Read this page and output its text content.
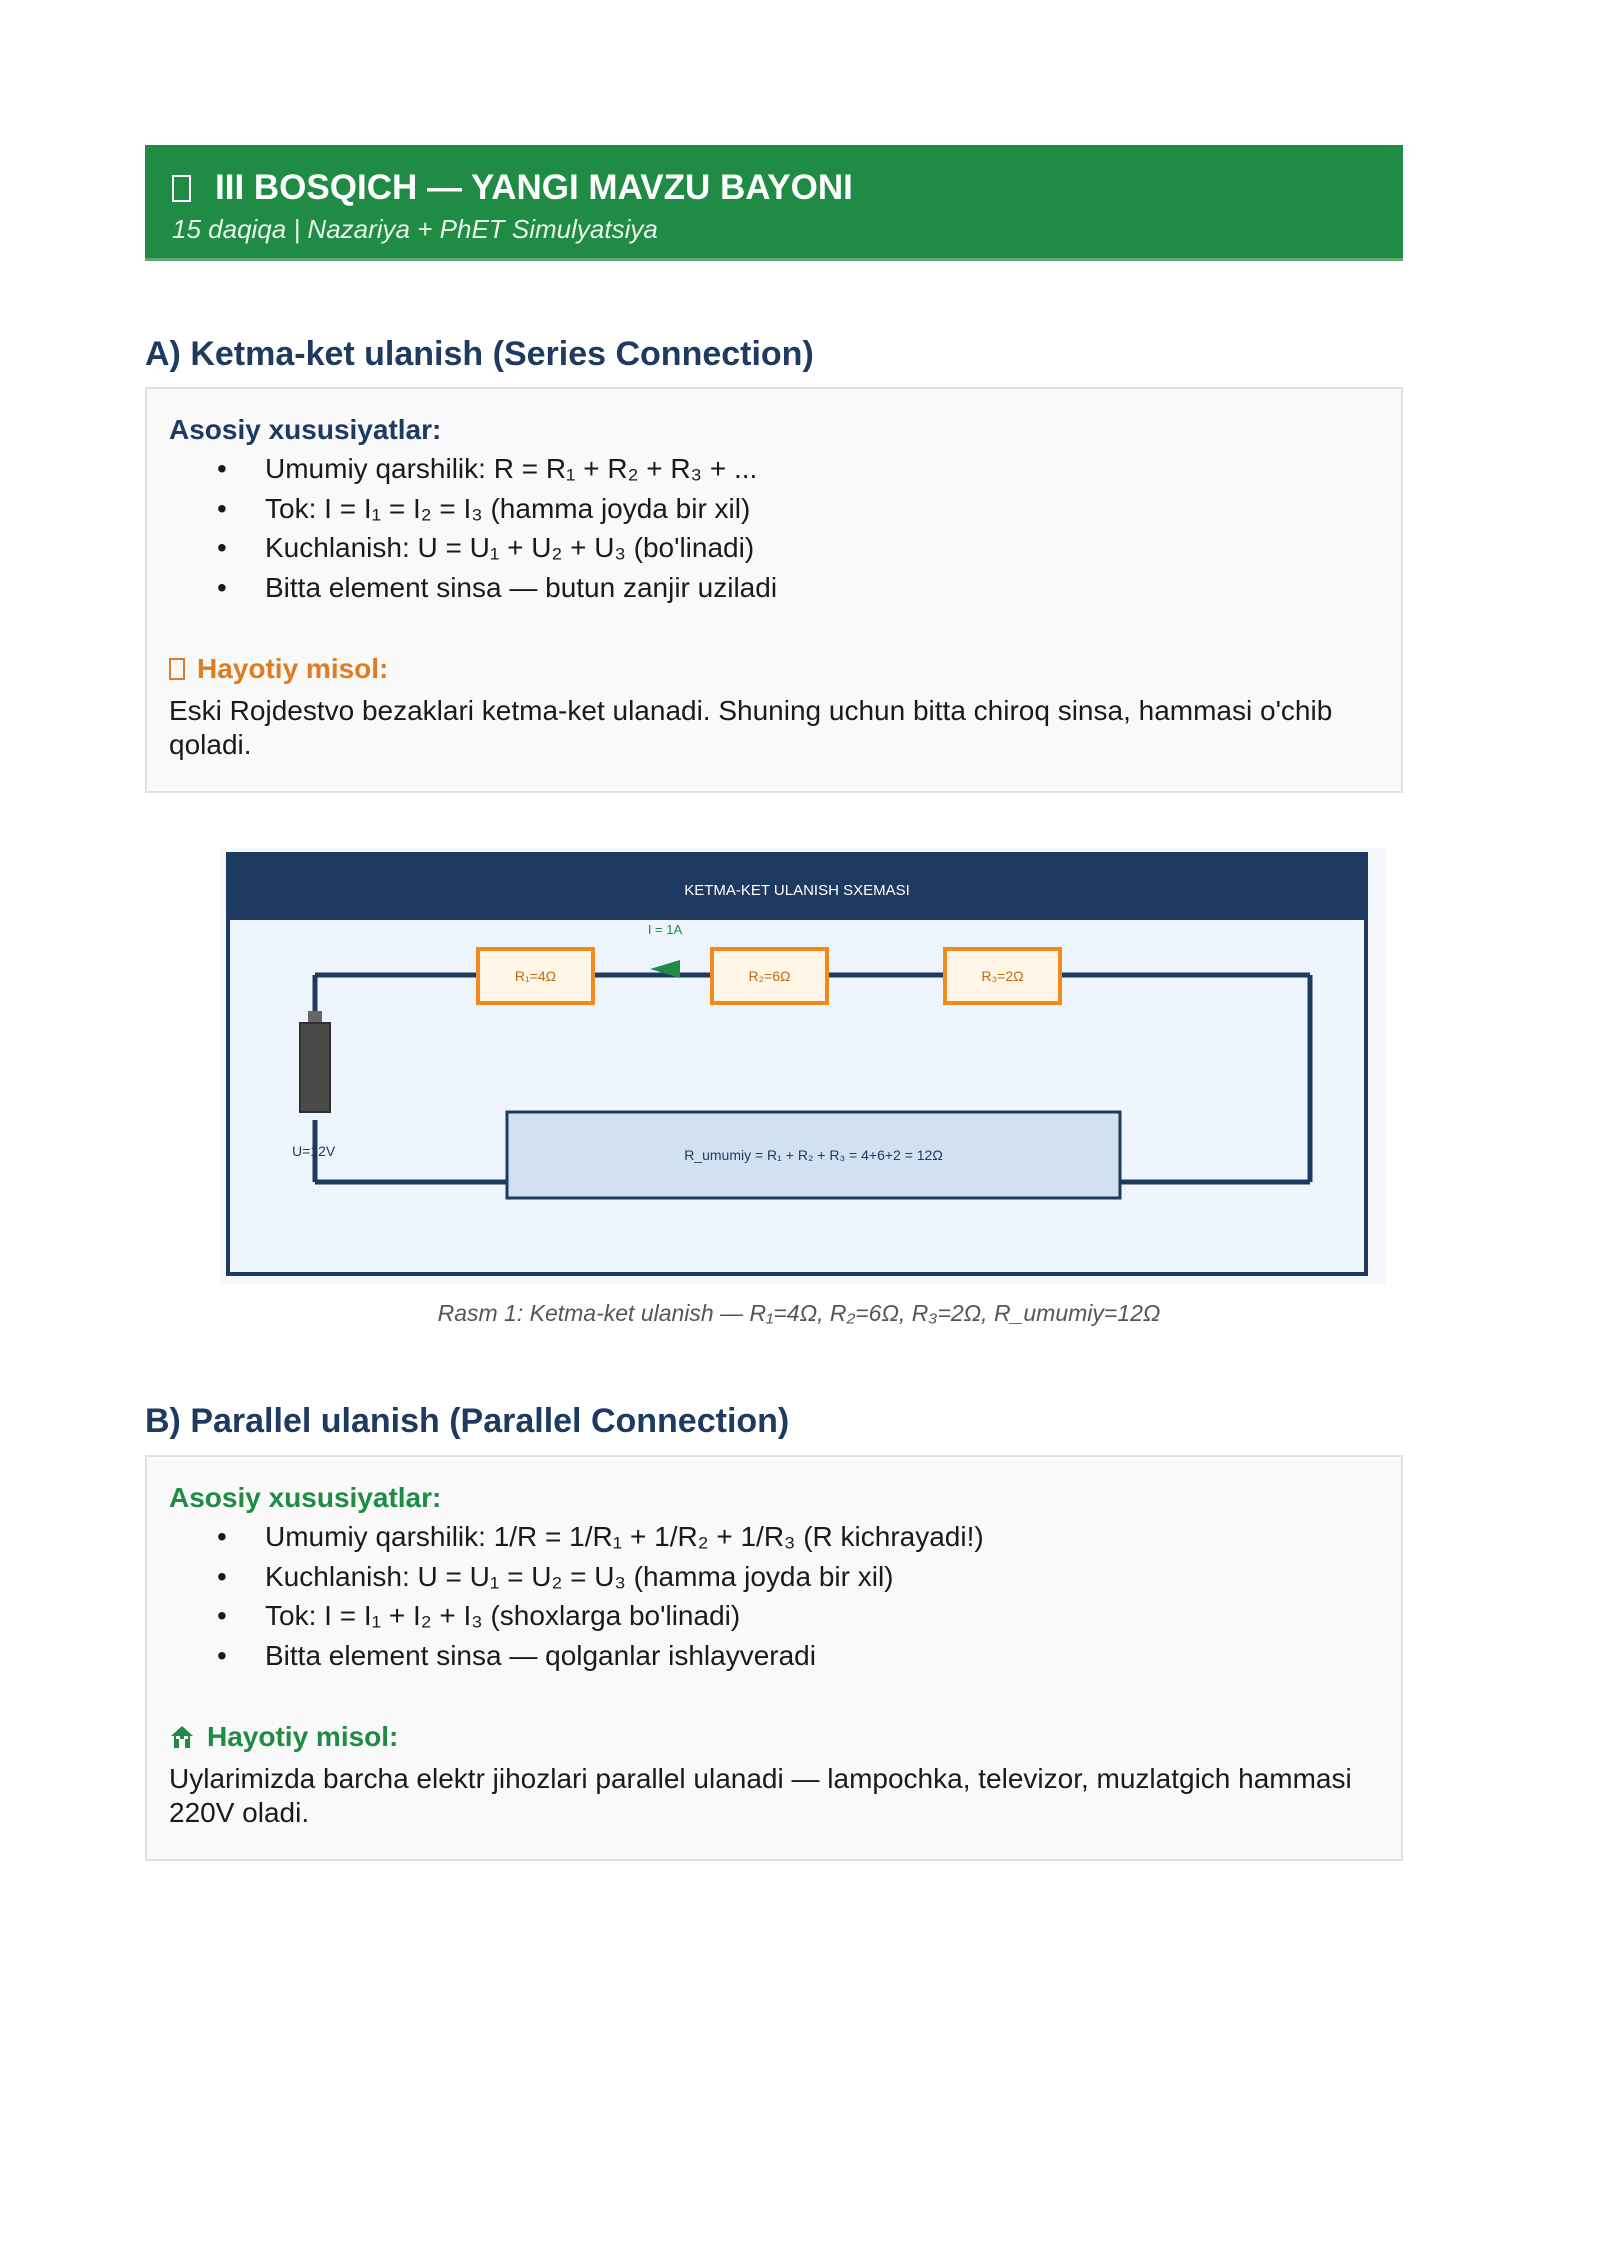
III BOSQICH — YANGI MAVZU BAYONI
15 daqiqa | Nazariya + PhET Simulyatsiya
A) Ketma-ket ulanish (Series Connection)
Asosiy xususiyatlar:
• Umumiy qarshilik: R = R₁ + R₂ + R₃ + ...
• Tok: I = I₁ = I₂ = I₃ (hamma joyda bir xil)
• Kuchlanish: U = U₁ + U₂ + U₃ (bo'linadi)
• Bitta element sinsa — butun zanjir uziladi
Hayotiy misol:
Eski Rojdestvo bezaklari ketma-ket ulanadi. Shuning uchun bitta chiroq sinsa, hammasi o'chib qoladi.
KETMA-KET ULANISH SXEMASI
U=12V
R₁=4Ω	R₂=6Ω	R₃=2Ω
I = 1A
R_umumiy = R₁ + R₂ + R₃ = 4+6+2 = 12Ω
Rasm 1: Ketma-ket ulanish — R₁=4Ω, R₂=6Ω, R₃=2Ω, R_umumiy=12Ω
B) Parallel ulanish (Parallel Connection)
Asosiy xususiyatlar:
• Umumiy qarshilik: 1/R = 1/R₁ + 1/R₂ + 1/R₃ (R kichrayadi!)
• Kuchlanish: U = U₁ = U₂ = U₃ (hamma joyda bir xil)
• Tok: I = I₁ + I₂ + I₃ (shoxlarga bo'linadi)
• Bitta element sinsa — qolganlar ishlayveradi
Hayotiy misol:
Uylarimizda barcha elektr jihozlari parallel ulanadi — lampochka, televizor, muzlatgich hammasi 220V oladi.
